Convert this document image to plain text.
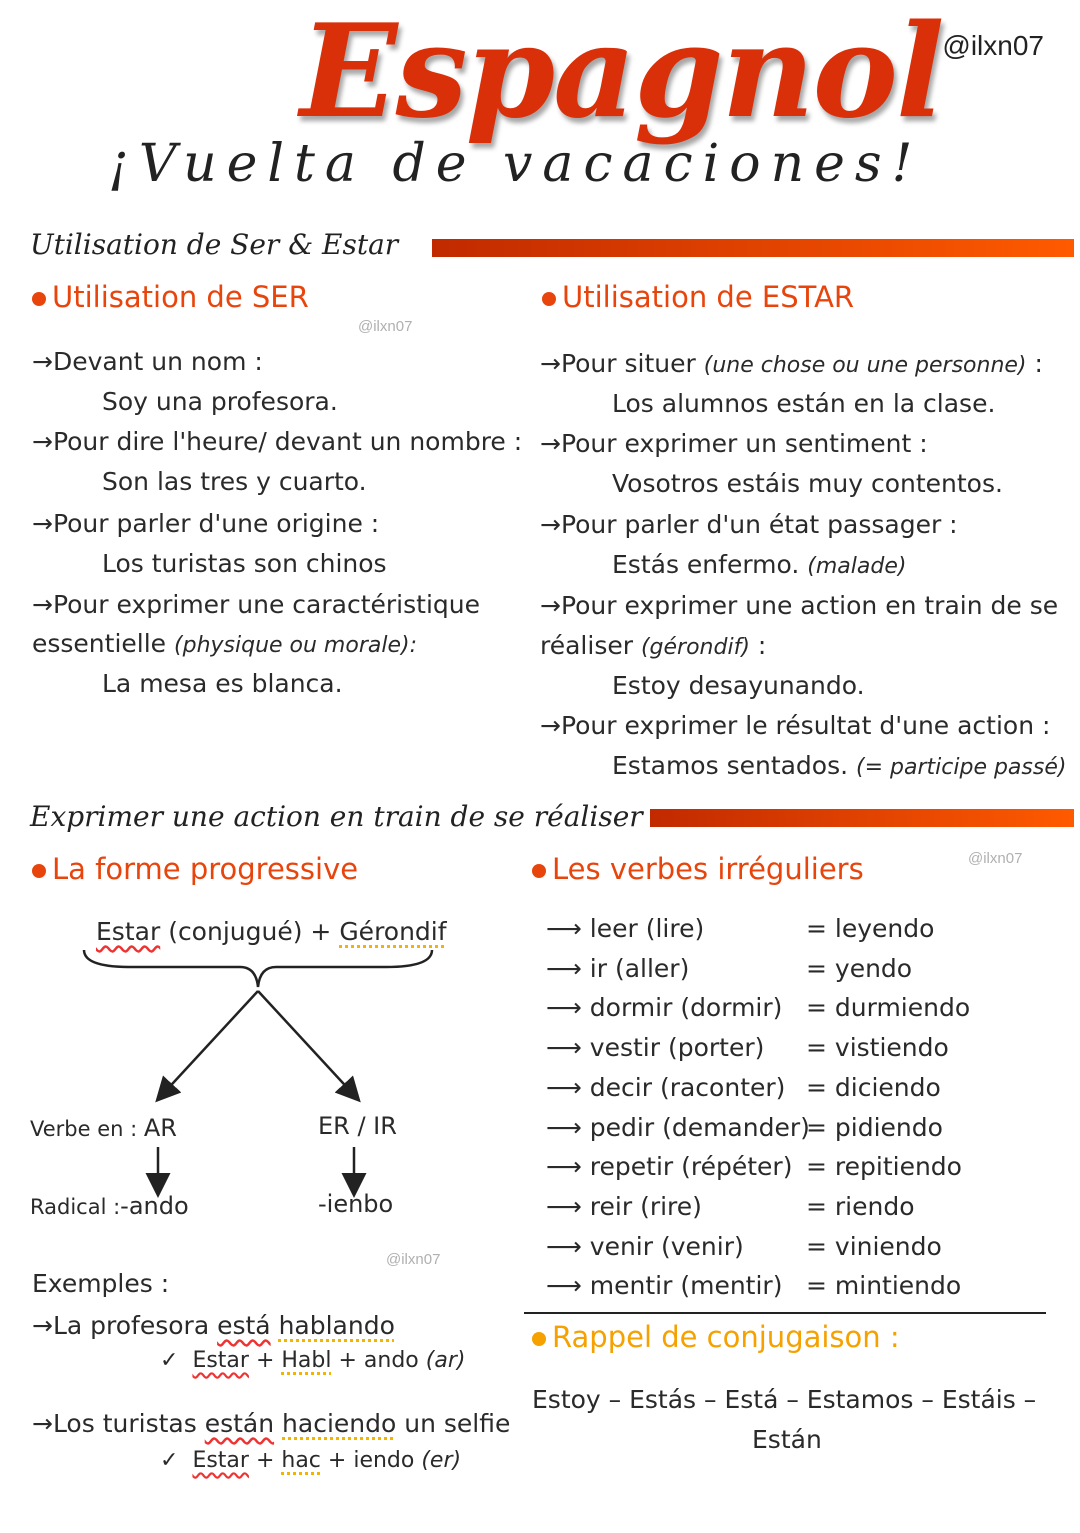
@ilxn07
Espagnol
¡Vuelta de vacaciones!
Utilisation de Ser & Estar
Utilisation de SER
@ilxn07
→Devant un nom :
Soy una profesora.
→Pour dire l'heure/ devant un nombre :
Son las tres y cuarto.
→Pour parler d'une origine :
Los turistas son chinos
→Pour exprimer une caractéristique
essentielle (physique ou morale):
La mesa es blanca.
Utilisation de ESTAR
→Pour situer (une chose ou une personne) :
Los alumnos están en la clase.
→Pour exprimer un sentiment :
Vosotros estáis muy contentos.
→Pour parler d'un état passager :
Estás enfermo. (malade)
→Pour exprimer une action en train de se
réaliser (gérondif) :
Estoy desayunando.
→Pour exprimer le résultat d'une action :
Estamos sentados. (= participe passé)
Exprimer une action en train de se réaliser
@ilxn07
La forme progressive
Estar (conjugué) + Gérondif
Verbe en : AR	ER / IR
Radical :-ando	-ienbo
@ilxn07
Exemples :
→La profesora está hablando
✓ Estar + Habl + ando (ar)
→Los turistas están haciendo un selfie
✓ Estar + hac + iendo (er)
Les verbes irréguliers
⟶ leer (lire)	= leyendo
⟶ ir (aller)	= yendo
⟶ dormir (dormir) = durmiendo
⟶ vestir (porter) = vistiendo
⟶ decir (raconter) = diciendo
⟶ pedir (demander)
= pidiendo
⟶ repetir (répéter) = repitiendo
⟶ reir (rire)	= riendo
⟶ venir (venir) = viniendo
⟶ mentir (mentir) = mintiendo
Rappel de conjugaison :
Estoy – Estás – Está – Estamos – Estáis –
Están
